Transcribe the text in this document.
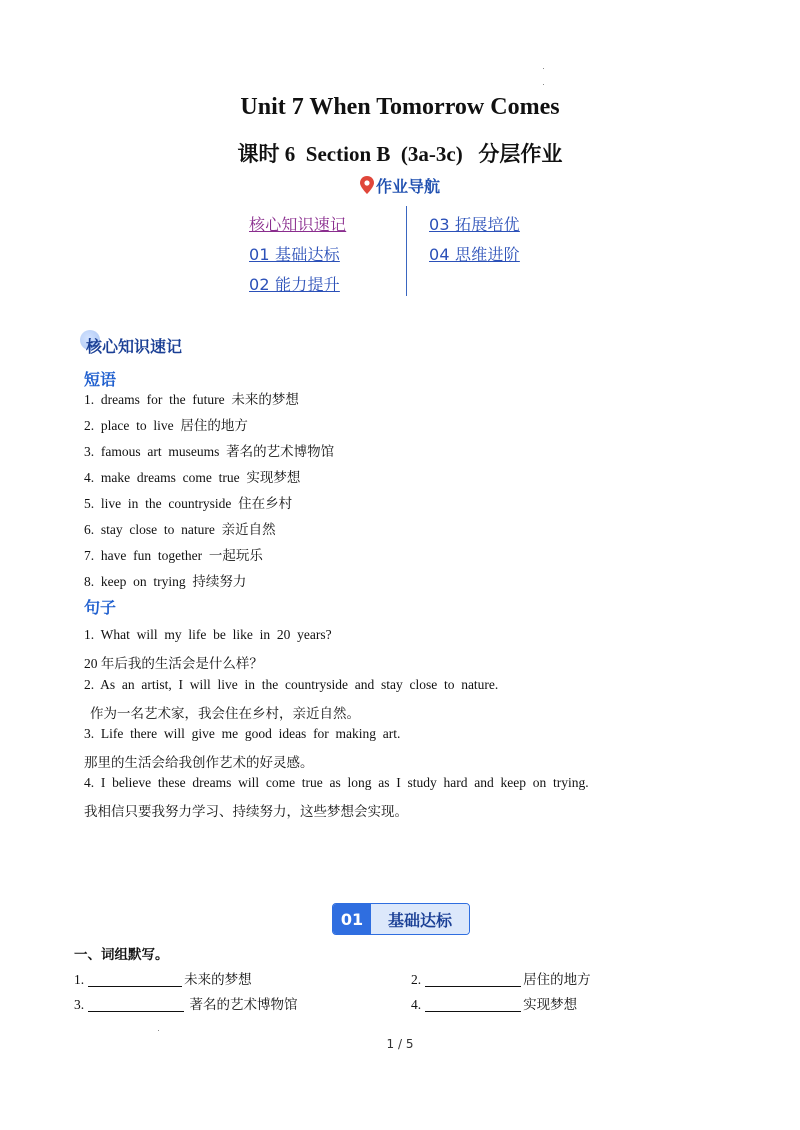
Unit 7 When Tomorrow Comes
课时 6  Section B  (3a-3c)   分层作业
作业导航
核心知识速记
01 基础达标
02 能力提升
03 拓展培优
04 思维进阶
核心知识速记
短语
1.  dreams  for  the  future  未来的梦想
2.  place  to  live  居住的地方
3.  famous  art  museums  著名的艺术博物馆
4.  make  dreams  come  true  实现梦想
5.  live  in  the  countryside  住在乡村
6.  stay  close  to  nature  亲近自然
7.  have  fun  together  一起玩乐
8.  keep  on  trying  持续努力
句子
1.  What  will  my  life  be  like  in  20  years?
20 年后我的生活会是什么样？
2.  As  an  artist,  I  will  live  in  the  countryside  and  stay  close  to  nature.
作为一名艺术家，我会住在乡村，亲近自然。
3.  Life  there  will  give  me  good  ideas  for  making  art.
那里的生活会给我创作艺术的好灵感。
4.  I  believe  these  dreams  will  come  true  as  long  as  I  study  hard  and  keep  on  trying.
我相信只要我努力学习、持续努力，这些梦想会实现。
01	基础达标
一、词组默写。
1.	未来的梦想	2.	居住的地方
3.	著名的艺术博物馆	4.	实现梦想
1 / 5
